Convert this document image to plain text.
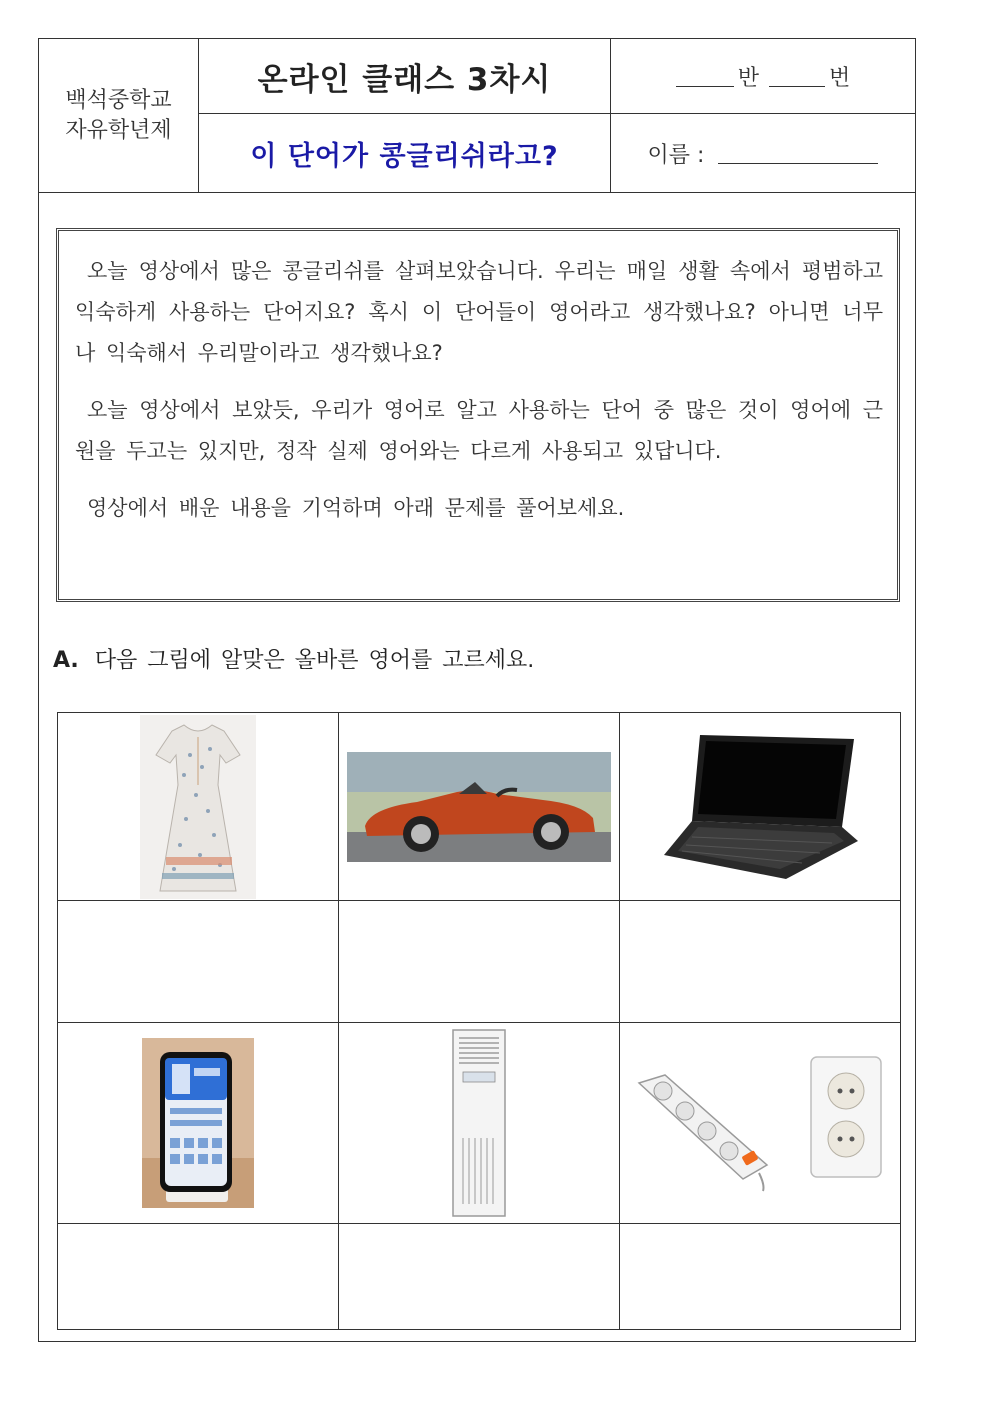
백석중학교
자유학년제
온라인 클래스 3차시
이 단어가 콩글리쉬라고?
반	번
이름 :

오늘 영상에서 많은 콩글리쉬를 살펴보았습니다. 우리는 매일 생활 속에서 평범하고 익숙하게 사용하는 단어지요? 혹시 이 단어들이 영어라고 생각했나요? 아니면 너무나 익숙해서 우리말이라고 생각했나요?

오늘 영상에서 보았듯, 우리가 영어로 알고 사용하는 단어 중 많은 것이 영어에 근원을 두고는 있지만, 정작 실제 영어와는 다르게 사용되고 있답니다.

영상에서 배운 내용을 기억하며 아래 문제를 풀어보세요.

A. 다음 그림에 알맞은 올바른 영어를 고르세요.
